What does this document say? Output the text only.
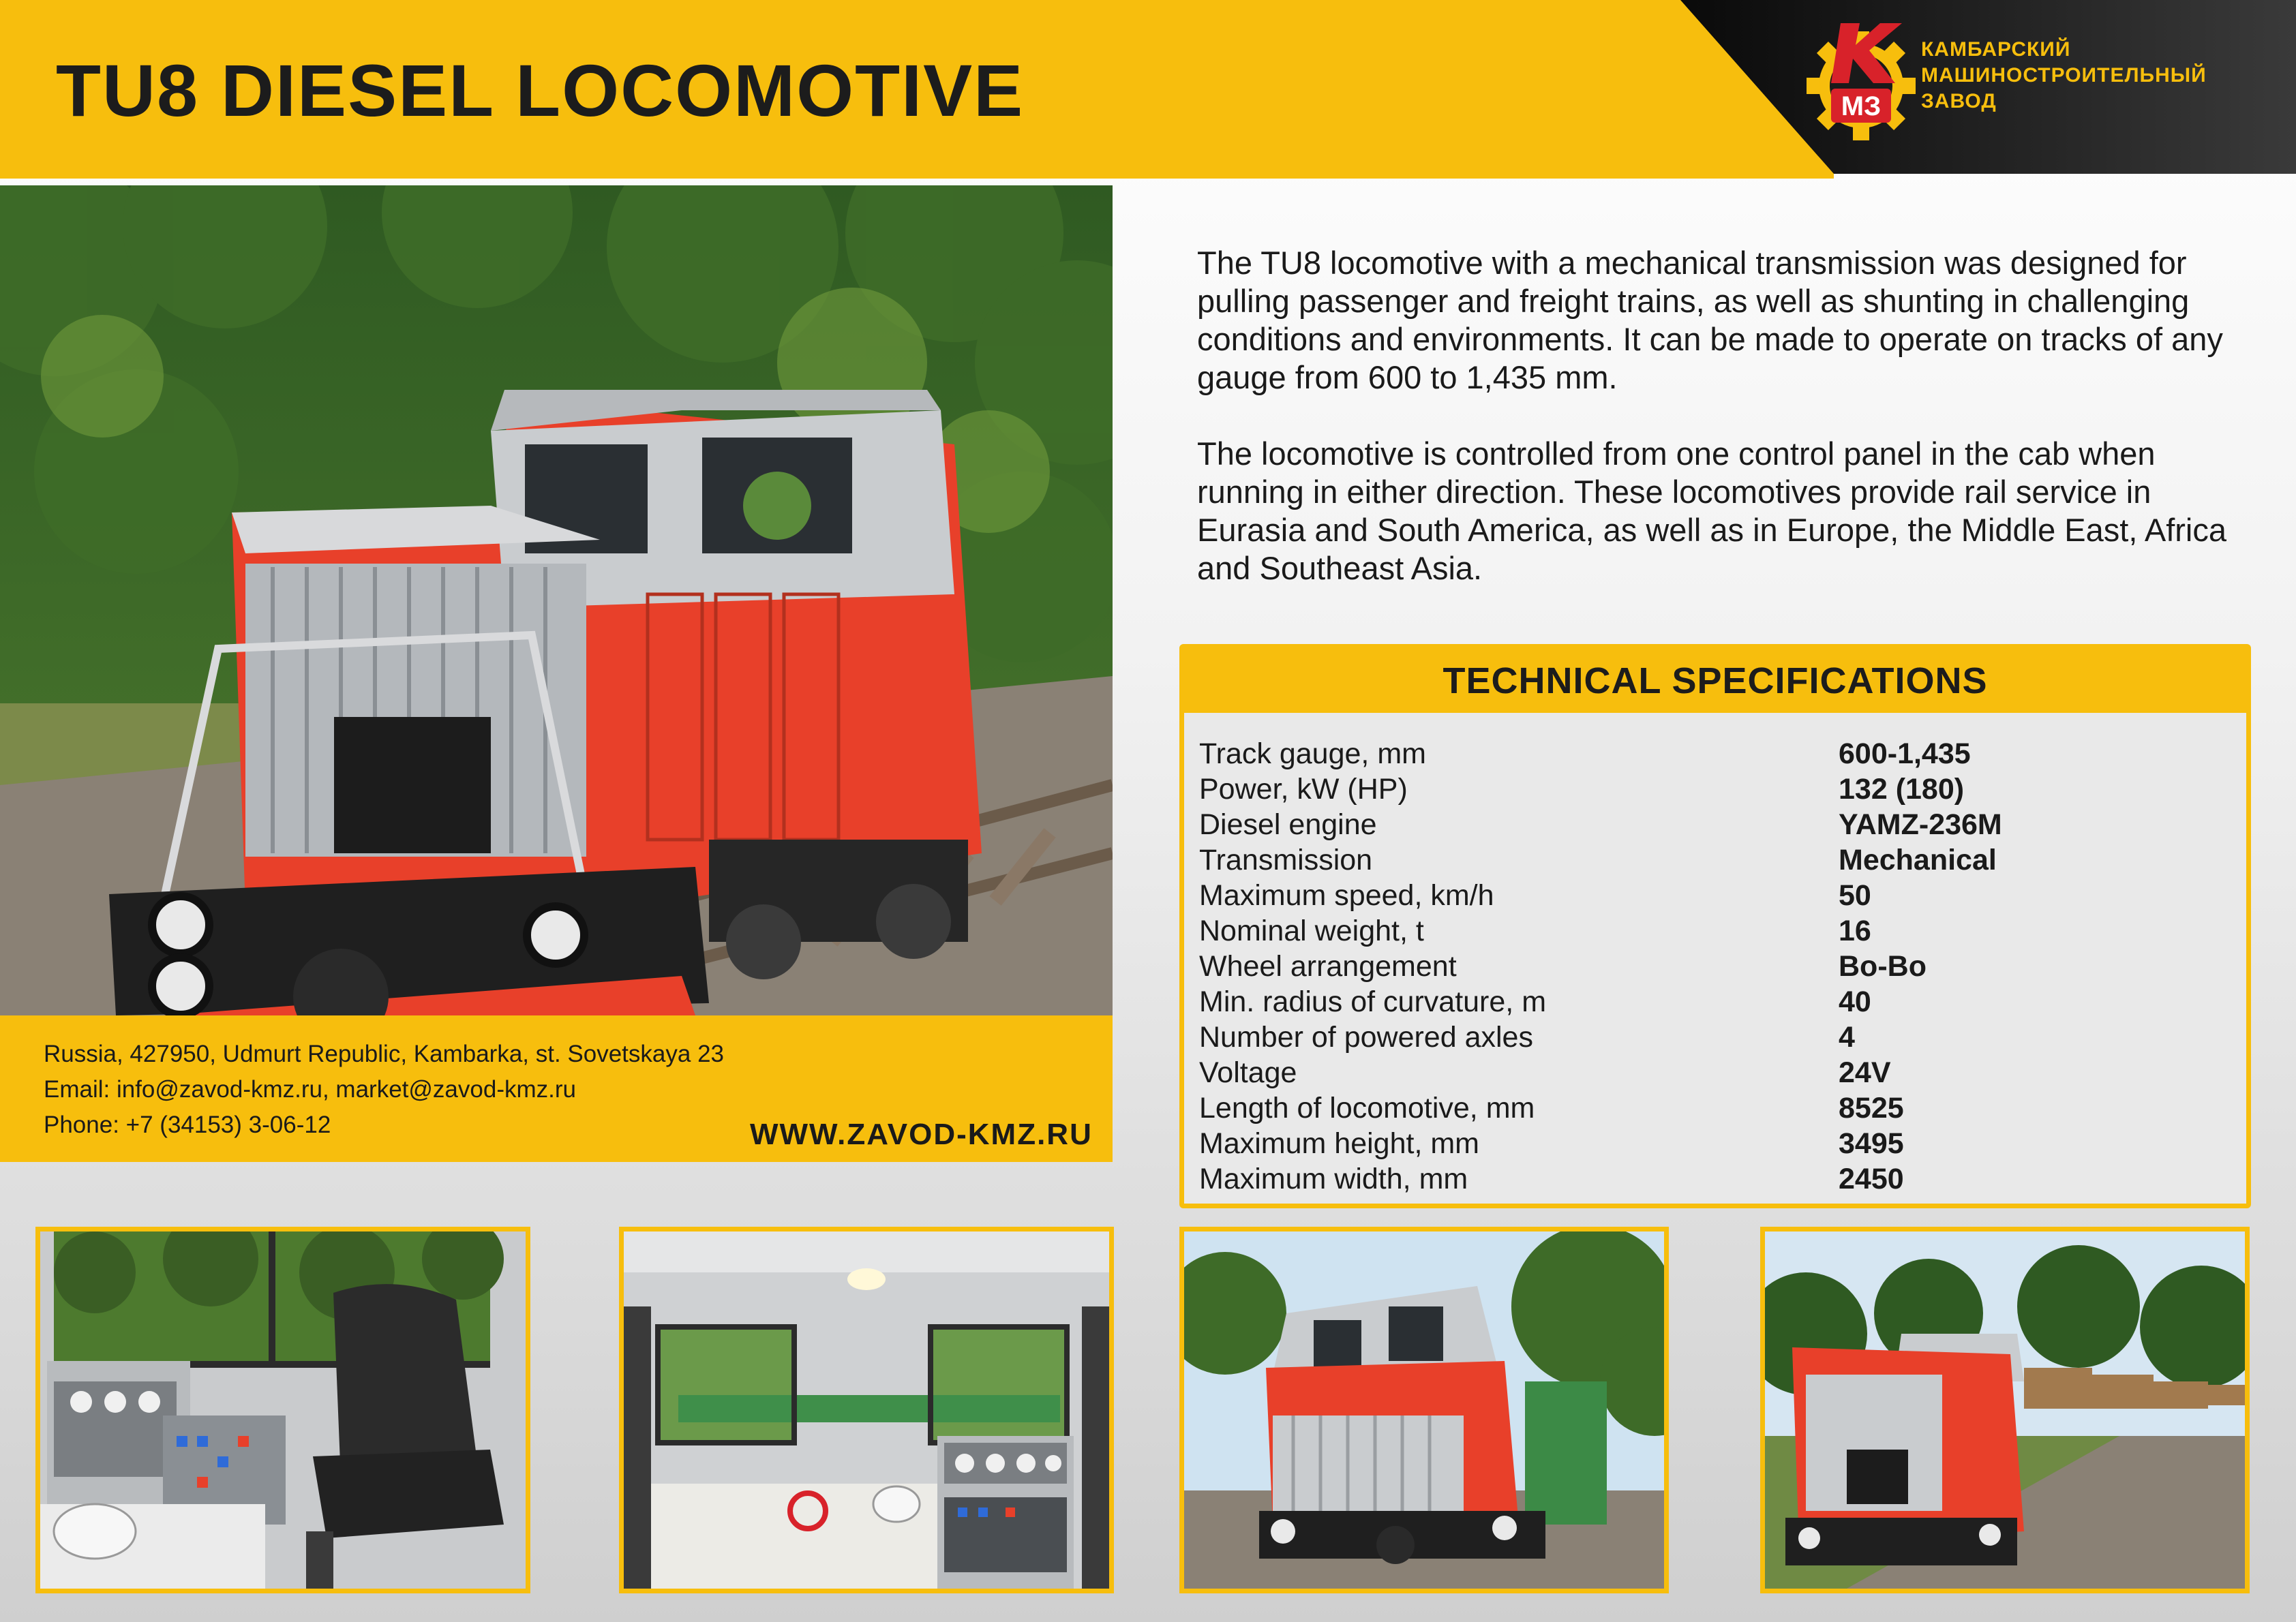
TU8 DIESEL LOCOMOTIVE	МЗ
КАМБАРСКИЙ
МАШИНОСТРОИТЕЛЬНЫЙ
ЗАВОД
Russia, 427950, Udmurt Republic, Kambarka, st. Sovetskaya 23
Email: info@zavod-kmz.ru, market@zavod-kmz.ru
Phone: +7 (34153) 3-06-12	WWW.ZAVOD-KMZ.RU
The TU8 locomotive with a mechanical transmission was designed for pulling passenger and freight trains, as well as shunting in challenging conditions and environments. It can be made to operate on tracks of any gauge from 600 to 1,435 mm.
The locomotive is controlled from one control panel in the cab when running in either direction. These locomotives provide rail service in Eurasia and South America, as well as in Europe, the Middle East, Africa and Southeast Asia.
TECHNICAL SPECIFICATIONS
Track gauge, mm	600-1,435
Power, kW (HP)	132 (180)
Diesel engine	YAMZ-236M
Transmission	Mechanical
Maximum speed, km/h	50
Nominal weight, t	16
Wheel arrangement	Bo-Bo
Min. radius of curvature, m	40
Number of powered axles	4
Voltage	24V
Length of locomotive, mm	8525
Maximum height, mm	3495
Maximum width, mm	2450
